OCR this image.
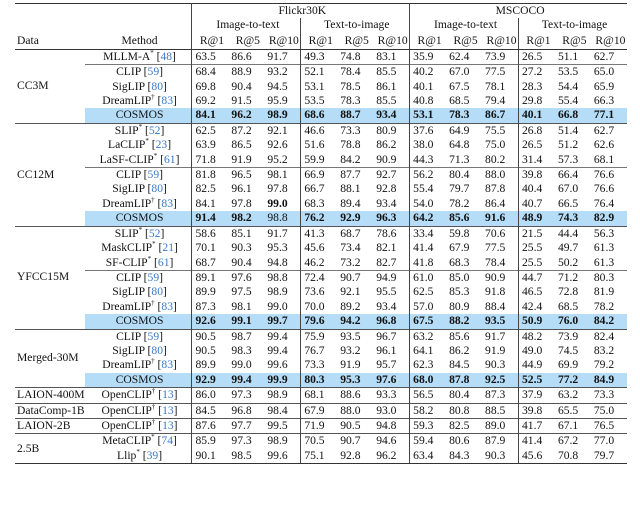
		Flickr30K						MSCOCO					
		Image-to-text			Text-to-image			Image-to-text			Text-to-image		
Data	Method	R@1	R@5	R@10	R@1	R@5	R@10	R@1	R@5	R@10	R@1	R@5	R@10
CC3M	MLLM-A* [48]	63.5	86.6	91.7	49.3	74.8	83.1	35.9	62.4	73.9	26.5	51.1	62.7
	CLIP [59]	68.4	88.9	93.2	52.1	78.4	85.5	40.2	67.0	77.5	27.2	53.5	65.0
	SigLIP [80]	69.8	90.4	94.5	53.1	78.5	86.1	40.1	67.5	78.1	28.3	54.4	65.9
	DreamLIP† [83]	69.2	91.5	95.9	53.5	78.3	85.5	40.8	68.5	79.4	29.8	55.4	66.3
	COSMOS	84.1	96.2	98.9	68.6	88.7	93.4	53.1	78.3	86.7	40.1	66.8	77.1
CC12M	SLIP* [52]	62.5	87.2	92.1	46.6	73.3	80.9	37.6	64.9	75.5	26.8	51.4	62.7
	LaCLIP* [23]	63.9	86.5	92.6	51.6	78.8	86.2	38.0	64.8	75.0	26.5	51.2	62.6
	LaSF-CLIP* [61]	71.8	91.9	95.2	59.9	84.2	90.9	44.3	71.3	80.2	31.4	57.3	68.1
	CLIP [59]	81.8	96.5	98.1	66.9	87.7	92.7	56.2	80.4	88.0	39.8	66.4	76.6
	SigLIP [80]	82.5	96.1	97.8	66.7	88.1	92.8	55.4	79.7	87.8	40.4	67.0	76.6
	DreamLIP† [83]	84.1	97.8	99.0	68.3	89.4	93.4	54.0	78.2	86.4	40.7	66.5	76.4
	COSMOS	91.4	98.2	98.8	76.2	92.9	96.3	64.2	85.6	91.6	48.9	74.3	82.9
YFCC15M	SLIP* [52]	58.6	85.1	91.7	41.3	68.7	78.6	33.4	59.8	70.6	21.5	44.4	56.3
	MaskCLIP* [21]	70.1	90.3	95.3	45.6	73.4	82.1	41.4	67.9	77.5	25.5	49.7	61.3
	SF-CLIP* [61]	68.7	90.4	94.8	46.2	73.2	82.7	41.8	68.3	78.4	25.5	50.2	61.3
	CLIP [59]	89.1	97.6	98.8	72.4	90.7	94.9	61.0	85.0	90.9	44.7	71.2	80.3
	SigLIP [80]	89.9	97.5	98.9	73.6	92.1	95.5	62.5	85.3	91.8	46.5	72.8	81.9
	DreamLIP† [83]	87.3	98.1	99.0	70.0	89.2	93.4	57.0	80.9	88.4	42.4	68.5	78.2
	COSMOS	92.6	99.1	99.7	79.6	94.2	96.8	67.5	88.2	93.5	50.9	76.0	84.2
Merged-30M	CLIP [59]	90.5	98.7	99.4	75.9	93.5	96.7	63.2	85.6	91.7	48.2	73.9	82.4
	SigLIP [80]	90.5	98.3	99.4	76.7	93.2	96.1	64.1	86.2	91.9	49.0	74.5	83.2
	DreamLIP† [83]	89.9	99.0	99.6	73.3	91.9	95.7	62.3	84.5	90.3	44.9	69.9	79.2
	COSMOS	92.9	99.4	99.9	80.3	95.3	97.6	68.0	87.8	92.5	52.5	77.2	84.9
LAION-400M	OpenCLIP† [13]	86.0	97.3	98.9	68.1	88.6	93.3	56.5	80.4	87.3	37.9	63.2	73.3
DataComp-1B	OpenCLIP† [13]	84.5	96.8	98.4	67.9	88.0	93.0	58.2	80.8	88.5	39.8	65.5	75.0
LAION-2B	OpenCLIP† [13]	87.6	97.7	99.5	71.9	90.5	94.8	59.3	82.5	89.0	41.7	67.1	76.5
2.5B	MetaCLIP* [74]	85.9	97.3	98.9	70.5	90.7	94.6	59.4	80.6	87.9	41.4	67.2	77.0
	Llip* [39]	90.1	98.5	99.6	75.1	92.8	96.2	63.4	84.3	90.3	45.6	70.8	79.7
